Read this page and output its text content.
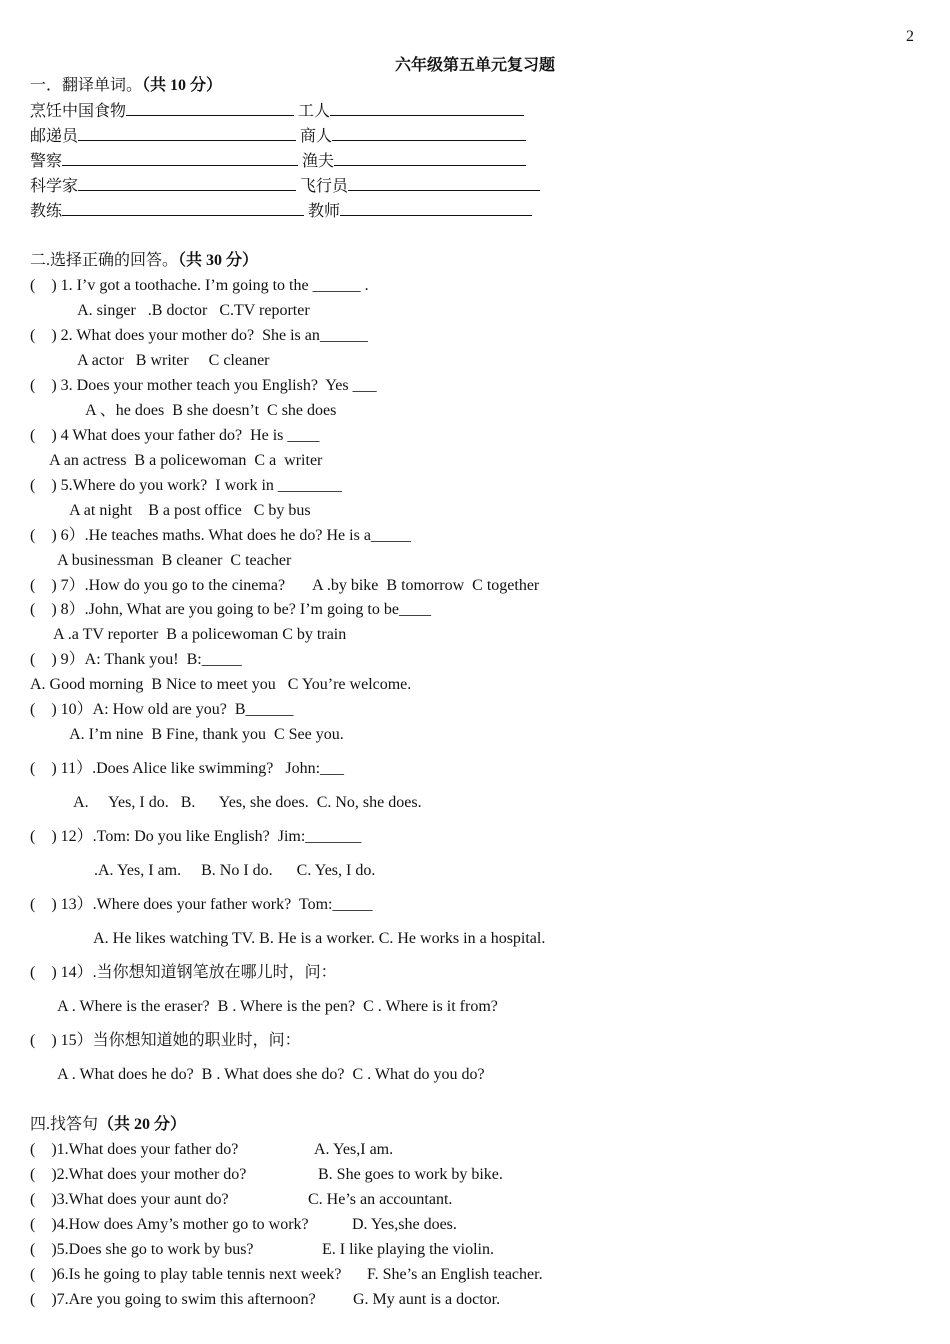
2
六年级第五单元复习题
一．翻译单词。（共 10 分）
烹饪中国食物	工人
邮递员	商人
警察	渔夫
科学家	飞行员
教练	教师
二.选择正确的回答。（共 30 分）
(    ) 1. I’v got a toothache. I’m going to the ______ .
A. singer   .B doctor   C.TV reporter
(    ) 2. What does your mother do?  She is an______
A actor   B writer     C cleaner
(    ) 3. Does your mother teach you English?  Yes ___
A 、he does  B she doesn’t  C she does
(    ) 4 What does your father do?  He is ____
A an actress  B a policewoman  C a  writer
(    ) 5.Where do you work?  I work in ________
A at night    B a post office   C by bus
(    ) 6）.He teaches maths. What does he do? He is a_____
A businessman  B cleaner  C teacher
(    ) 7）.How do you go to the cinema?       A .by bike  B tomorrow  C together
(    ) 8）.John, What are you going to be? I’m going to be____
A .a TV reporter  B a policewoman C by train
(    ) 9）A: Thank you!  B:_____
A. Good morning  B Nice to meet you   C You’re welcome.
(    ) 10）A: How old are you?  B______
A. I’m nine  B Fine, thank you  C See you.
(    ) 11）.Does Alice like swimming?   John:___
A.     Yes, I do.   B.      Yes, she does.  C. No, she does.
(    ) 12）.Tom: Do you like English?  Jim:_______
.A. Yes, I am.     B. No I do.      C. Yes, I do.
(    ) 13）.Where does your father work?  Tom:_____
A. He likes watching TV. B. He is a worker. C. He works in a hospital.
(    ) 14）.当你想知道钢笔放在哪儿时，问：
A . Where is the eraser?  B . Where is the pen?  C . Where is it from?
(    ) 15）当你想知道她的职业时，问：
A . What does he do?  B . What does she do?  C . What do you do?
四.找答句（共 20 分）
(    )1.What does your father do?	A. Yes,I am.
(    )2.What does your mother do?	B. She goes to work by bike.
(    )3.What does your aunt do?	C. He’s an accountant.
(    )4.How does Amy’s mother go to work?	D. Yes,she does.
(    )5.Does she go to work by bus?	E. I like playing the violin.
(    )6.Is he going to play table tennis next week? F. She’s an English teacher.
(    )7.Are you going to swim this afternoon? G. My aunt is a doctor.
